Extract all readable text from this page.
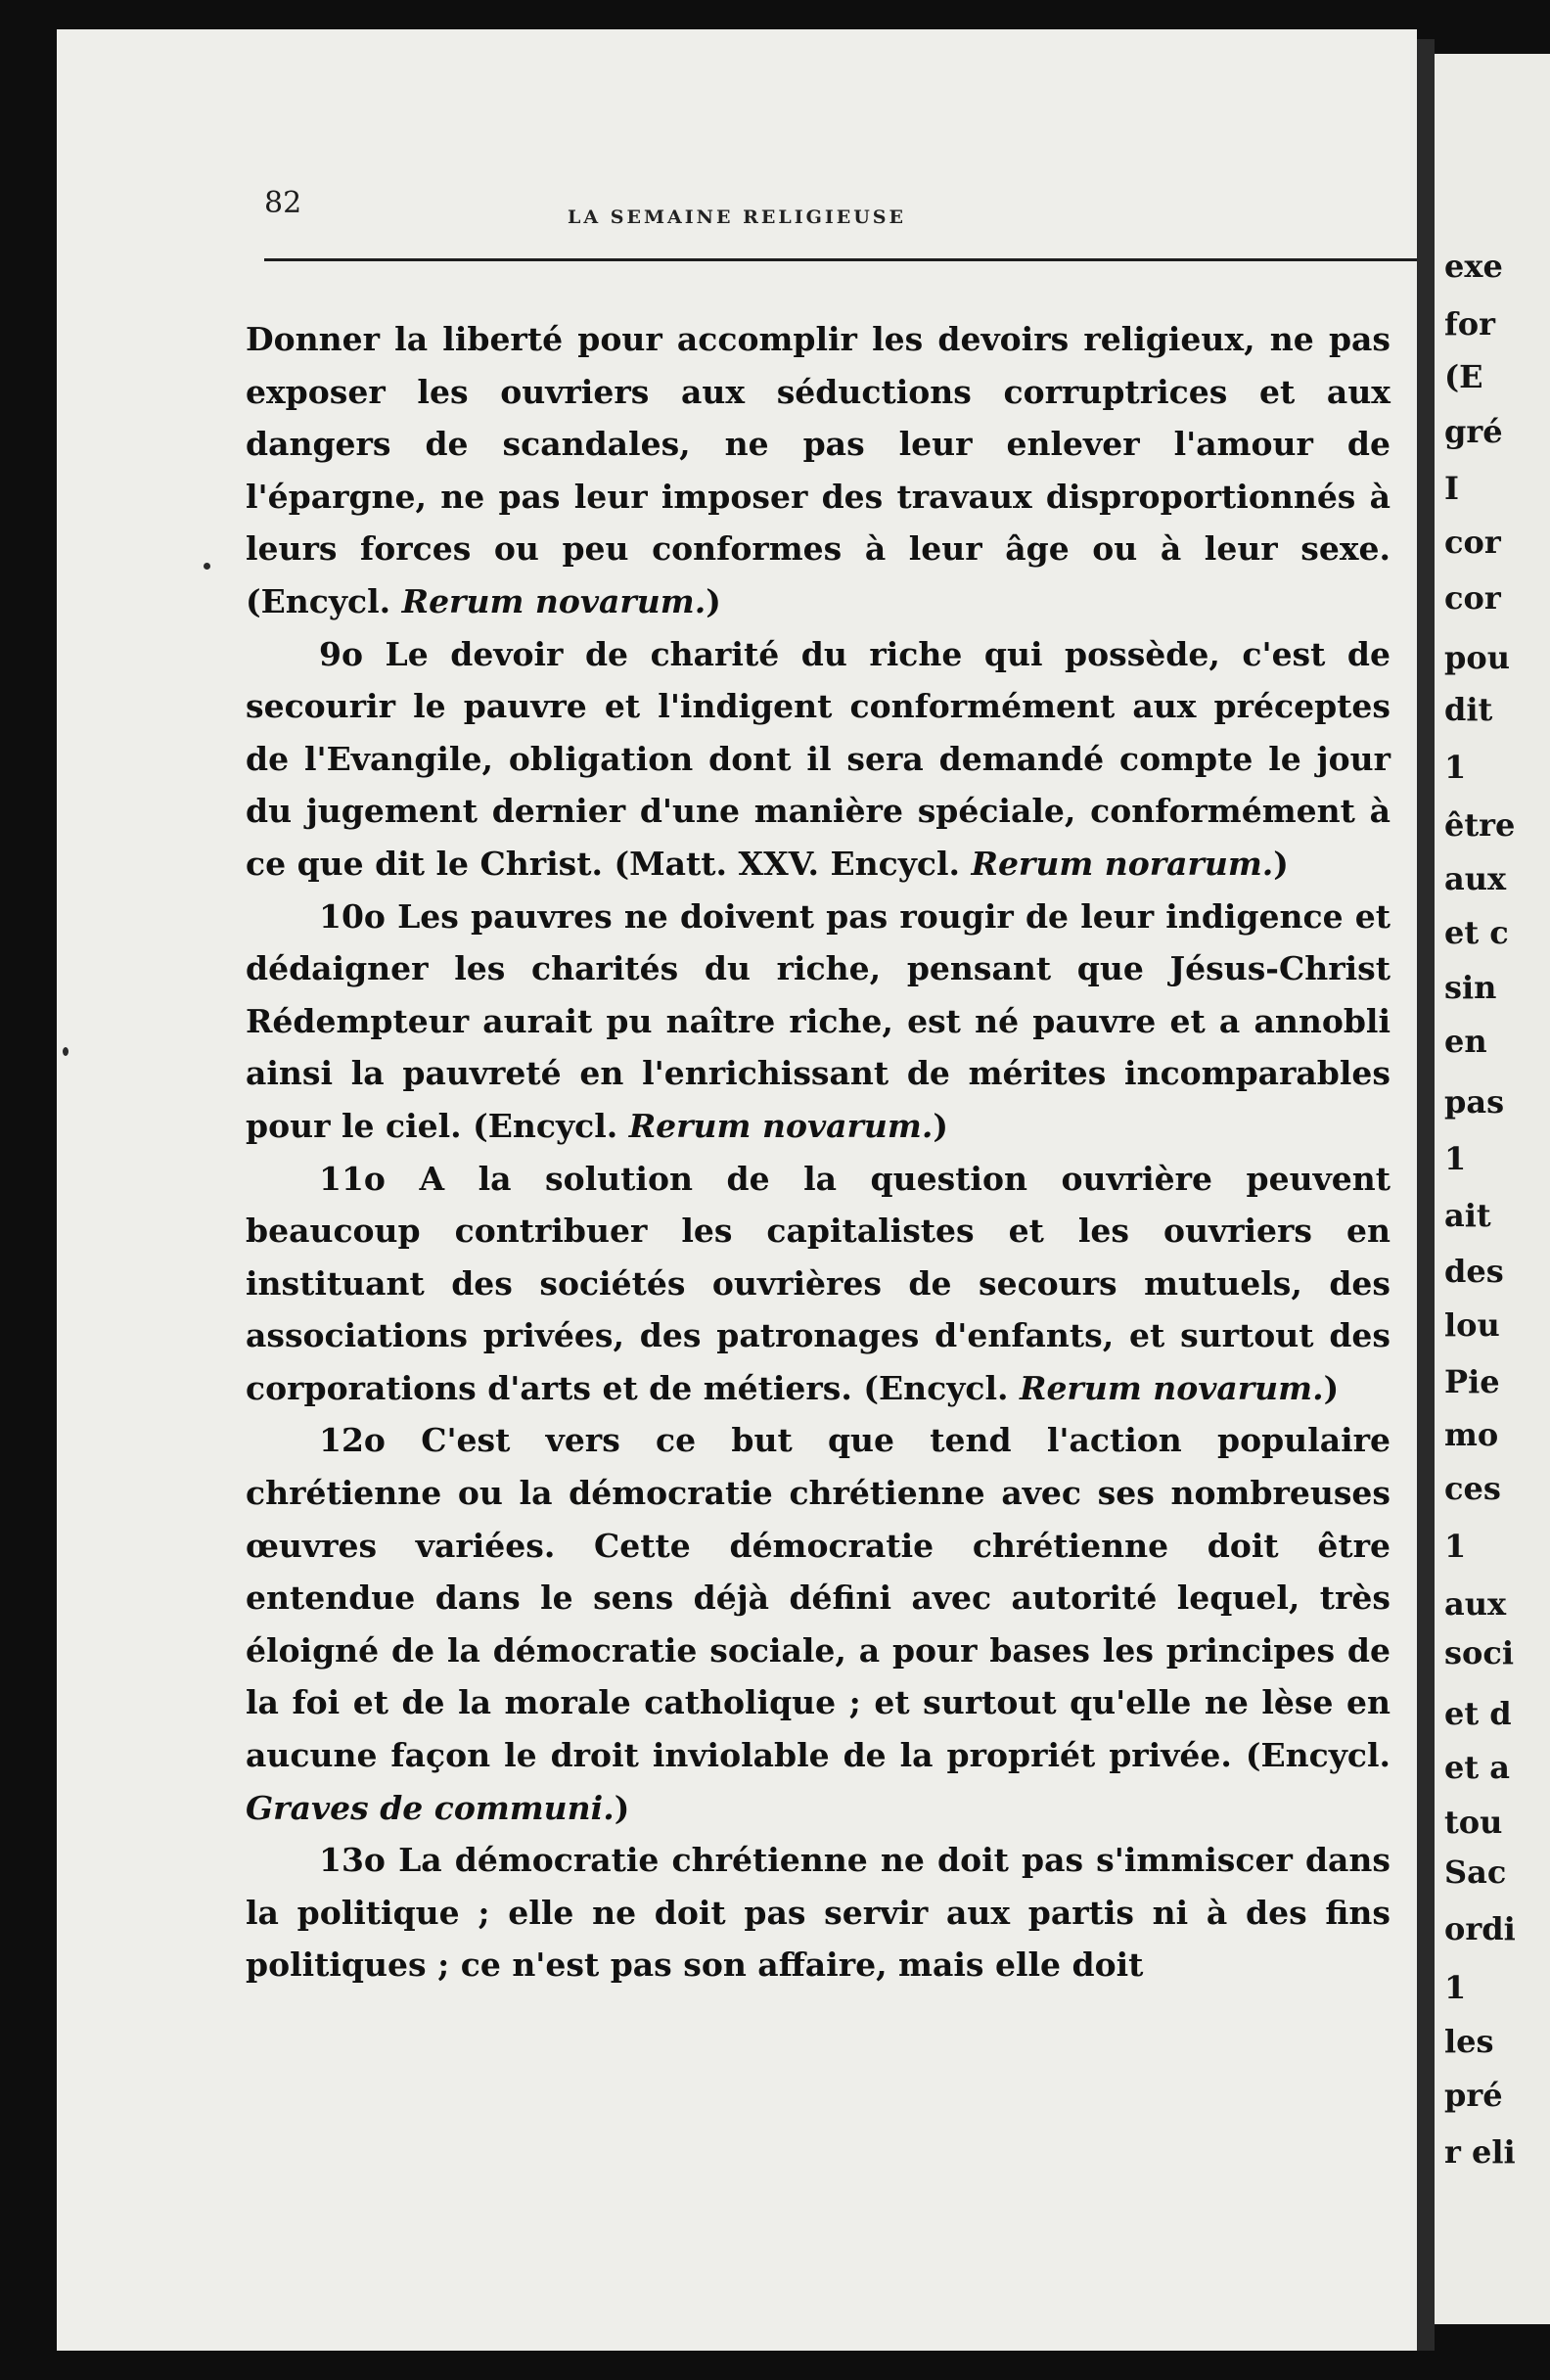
82	LA SEMAINE RELIGIEUSE

Donner la liberté pour accomplir les devoirs religieux, ne pas exposer les ouvriers aux séductions corruptrices et aux dangers de scandales, ne pas leur enlever l'amour de l'épargne, ne pas leur imposer des travaux disproportionnés à leurs forces ou peu conformes à leur âge ou à leur sexe. (Encycl. Rerum novarum.)

9o Le devoir de charité du riche qui possède, c'est de secourir le pauvre et l'indigent conformément aux préceptes de l'Evangile, obligation dont il sera demandé compte le jour du jugement dernier d'une manière spéciale, conformément à ce que dit le Christ. (Matt. XXV. Encycl. Rerum norarum.)

10o Les pauvres ne doivent pas rougir de leur indigence et dédaigner les charités du riche, pensant que Jésus-Christ Rédempteur aurait pu naître riche, est né pauvre et a annobli ainsi la pauvreté en l'enrichissant de mérites incomparables pour le ciel. (Encycl. Rerum novarum.)

11o A la solution de la question ouvrière peuvent beaucoup contribuer les capitalistes et les ouvriers en instituant des sociétés ouvrières de secours mutuels, des associations privées, des patronages d'enfants, et surtout des corporations d'arts et de métiers. (Encycl. Rerum novarum.)

12o C'est vers ce but que tend l'action populaire chrétienne ou la démocratie chrétienne avec ses nombreuses œuvres variées. Cette démocratie chrétienne doit être entendue dans le sens déjà défini avec autorité lequel, très éloigné de la démocratie sociale, a pour bases les principes de la foi et de la morale catholique ; et surtout qu'elle ne lèse en aucune façon le droit inviolable de la propriét privée. (Encycl. Graves de communi.)

13o La démocratie chrétienne ne doit pas s'immiscer dans la politique ; elle ne doit pas servir aux partis ni à des fins politiques ; ce n'est pas son affaire, mais elle doit

exe
for
(E
gré
I
cor
cor
pou
dit
1
être
aux
et c
sin
en
pas
1
ait
des
lou
Pie
mo
ces
1
aux
soci
et d
et a
tou
Sac
ordi
1
les
pré
r eli
